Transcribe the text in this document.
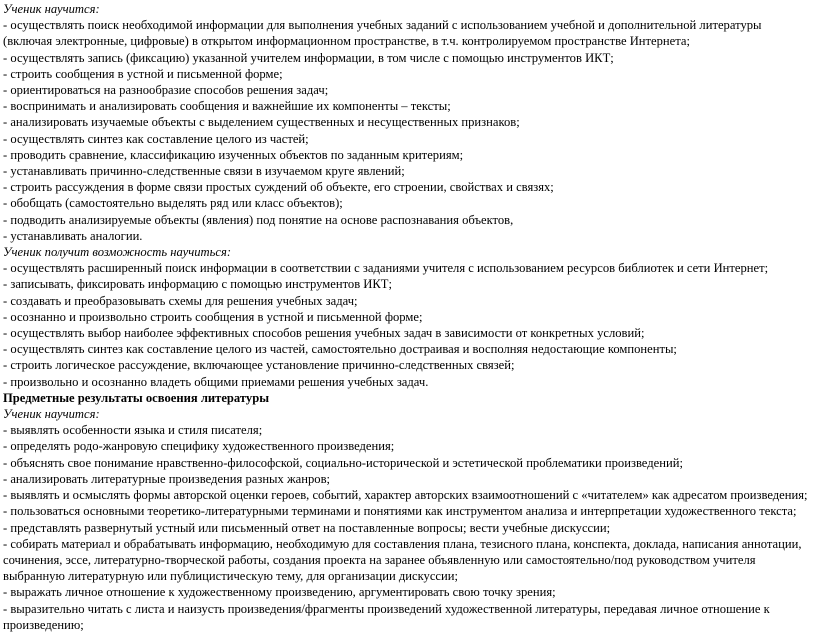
Ученик научится:

- осуществлять поиск необходимой информации для выполнения учебных заданий с использованием учебной и дополнительной литературы (включая электронные, цифровые) в открытом информационном пространстве, в т.ч. контролируемом пространстве Интернета;

- осуществлять запись (фиксацию) указанной учителем информации, в том числе с помощью инструментов ИКТ;

- строить сообщения в устной и письменной форме;

- ориентироваться на разнообразие способов решения задач;

- воспринимать и анализировать сообщения и важнейшие их компоненты – тексты;

- анализировать изучаемые объекты с выделением существенных и несущественных признаков;

- осуществлять синтез как составление целого из частей;

- проводить сравнение, классификацию изученных объектов по заданным критериям;

- устанавливать причинно-следственные связи в изучаемом круге явлений;

- строить рассуждения в форме связи простых суждений об объекте, его строении, свойствах и связях;

- обобщать (самостоятельно выделять ряд или класс объектов);

- подводить анализируемые объекты (явления) под понятие на основе распознавания объектов,

- устанавливать аналогии.

Ученик получит возможность научиться:

- осуществлять расширенный поиск информации в соответствии с заданиями учителя с использованием ресурсов библиотек и сети Интернет;

- записывать, фиксировать информацию с помощью инструментов ИКТ;

- создавать и преобразовывать схемы для решения учебных задач;

- осознанно и произвольно строить сообщения в устной и письменной форме;

- осуществлять выбор наиболее эффективных способов решения учебных задач в зависимости от конкретных условий;

- осуществлять синтез как составление целого из частей, самостоятельно достраивая и восполняя недостающие компоненты;

- строить логическое рассуждение, включающее установление причинно-следственных связей;

- произвольно и осознанно владеть общими приемами решения учебных задач.

Предметные результаты освоения литературы

Ученик научится:

- выявлять особенности языка и стиля писателя;

- определять родо-жанровую специфику художественного произведения;

- объяснять свое понимание нравственно-философской, социально-исторической и эстетической проблематики произведений;

- анализировать литературные произведения разных жанров;

- выявлять и осмыслять формы авторской оценки героев, событий, характер авторских взаимоотношений с «читателем» как адресатом произведения;

- пользоваться основными теоретико-литературными терминами и понятиями как инструментом анализа и интерпретации художественного текста;

- представлять развернутый устный или письменный ответ на поставленные вопросы; вести учебные дискуссии;

- собирать материал и обрабатывать информацию, необходимую для составления плана, тезисного плана, конспекта, доклада, написания аннотации, сочинения, эссе, литературно-творческой работы, создания проекта на заранее объявленную или самостоятельно/под руководством учителя выбранную литературную или публицистическую тему, для организации дискуссии;

- выражать личное отношение к художественному произведению, аргументировать свою точку зрения;

- выразительно читать с листа и наизусть произведения/фрагменты произведений художественной литературы, передавая личное отношение к произведению;
